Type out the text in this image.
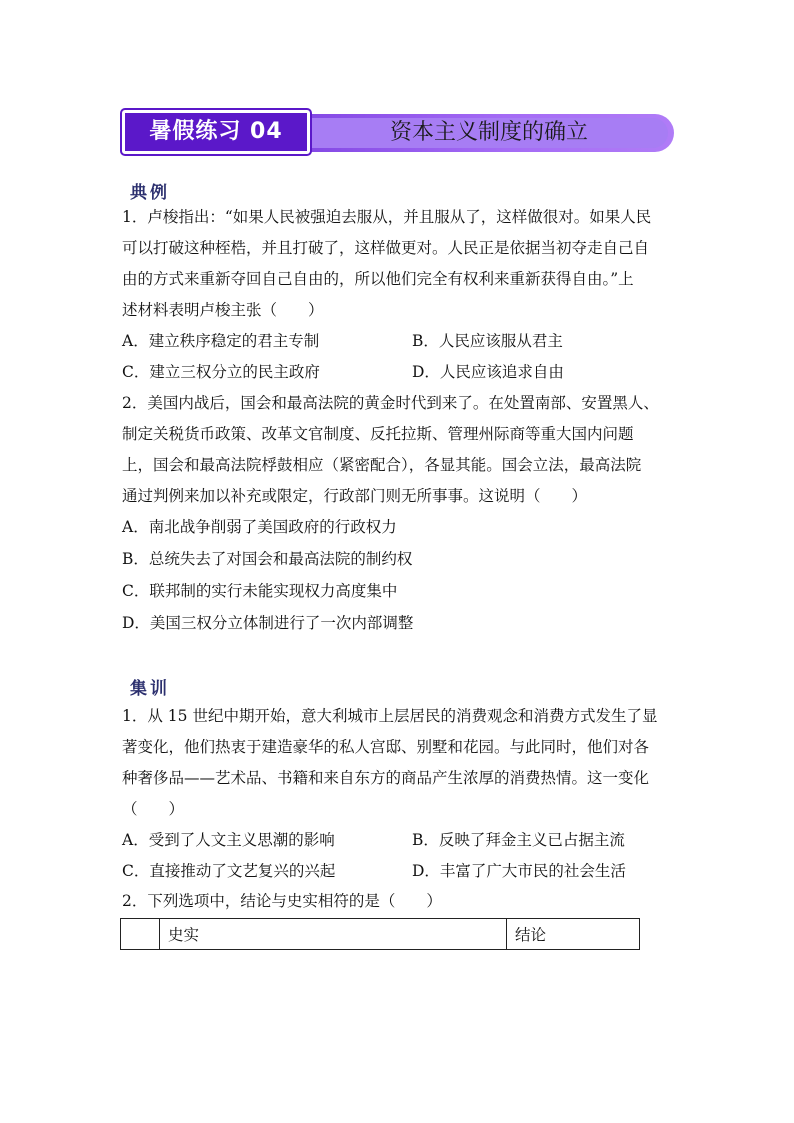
暑假练习 04	资本主义制度的确立
典例
1．卢梭指出：“如果人民被强迫去服从，并且服从了，这样做很对。如果人民
可以打破这种桎梏，并且打破了，这样做更对。人民正是依据当初夺走自己自
由的方式来重新夺回自己自由的，所以他们完全有权利来重新获得自由。”上
述材料表明卢梭主张（　　）
A．建立秩序稳定的君主专制	B．人民应该服从君主
C．建立三权分立的民主政府	D．人民应该追求自由
2．美国内战后，国会和最高法院的黄金时代到来了。在处置南部、安置黑人、
制定关税货币政策、改革文官制度、反托拉斯、管理州际商等重大国内问题
上，国会和最高法院桴鼓相应（紧密配合），各显其能。国会立法，最高法院
通过判例来加以补充或限定，行政部门则无所事事。这说明（　　）
A．南北战争削弱了美国政府的行政权力
B．总统失去了对国会和最高法院的制约权
C．联邦制的实行未能实现权力高度集中
D．美国三权分立体制进行了一次内部调整
集训
1．从 15 世纪中期开始，意大利城市上层居民的消费观念和消费方式发生了显
著变化，他们热衷于建造豪华的私人宫邸、别墅和花园。与此同时，他们对各
种奢侈品——艺术品、书籍和来自东方的商品产生浓厚的消费热情。这一变化
（　　）
A．受到了人文主义思潮的影响	B．反映了拜金主义已占据主流
C．直接推动了文艺复兴的兴起	D．丰富了广大市民的社会生活
2．下列选项中，结论与史实相符的是（　　）
	史实	结论
